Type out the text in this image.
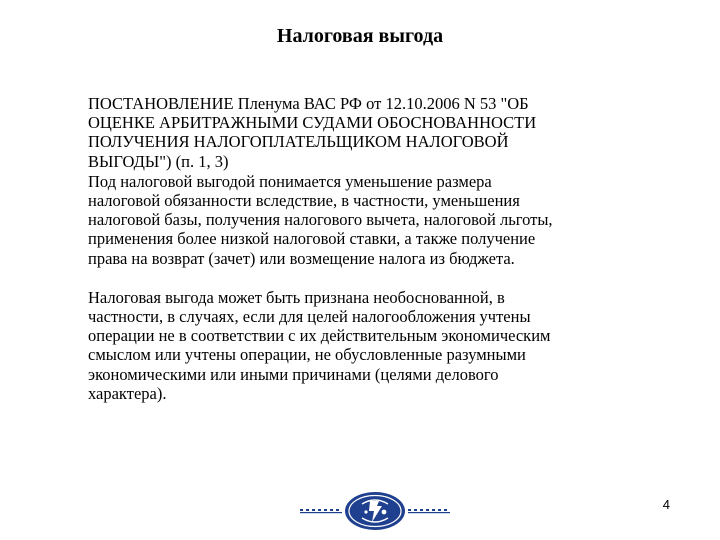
Налоговая выгода

ПОСТАНОВЛЕНИЕ Пленума ВАС РФ от 12.10.2006 N 53 "ОБ
ОЦЕНКЕ АРБИТРАЖНЫМИ СУДАМИ ОБОСНОВАННОСТИ
ПОЛУЧЕНИЯ НАЛОГОПЛАТЕЛЬЩИКОМ НАЛОГОВОЙ
ВЫГОДЫ") (п. 1, 3)

Под налоговой выгодой понимается уменьшение размера
налоговой обязанности вследствие, в частности, уменьшения
налоговой базы, получения налогового вычета, налоговой льготы,
применения более низкой налоговой ставки, а также получение
права на возврат (зачет) или возмещение налога из бюджета.

Налоговая выгода может быть признана необоснованной, в
частности, в случаях, если для целей налогообложения учтены
операции не в соответствии с их действительным экономическим
смыслом или учтены операции, не обусловленные разумными
экономическими или иными причинами (целями делового
характера).

4
